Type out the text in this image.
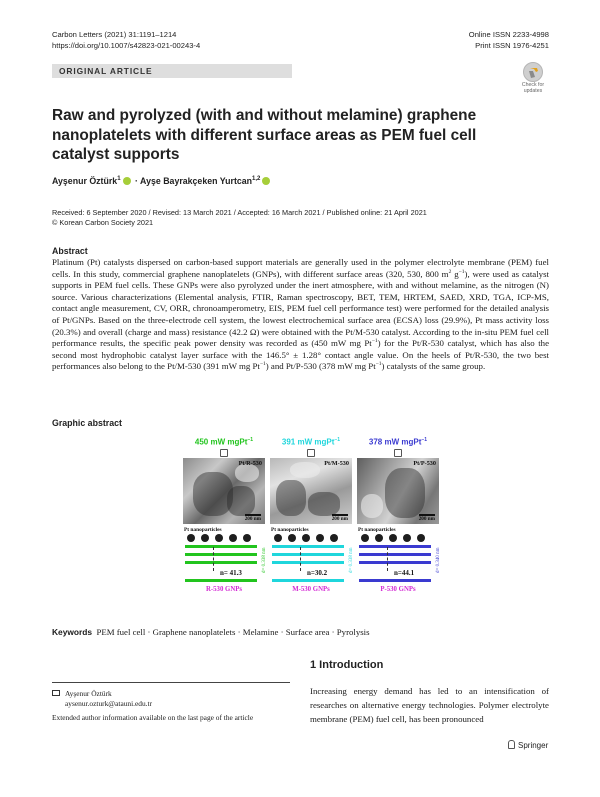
Carbon Letters (2021) 31:1191–1214
https://doi.org/10.1007/s42823-021-00243-4
Online ISSN 2233-4998
Print ISSN 1976-4251
ORIGINAL ARTICLE
Check for updates
Raw and pyrolyzed (with and without melamine) graphene nanoplatelets with different surface areas as PEM fuel cell catalyst supports
Ayşenur Öztürk$^1$ · Ayşe Bayrakçeken Yurtcan$^{1,2}$
Received: 6 September 2020 / Revised: 13 March 2021 / Accepted: 16 March 2021 / Published online: 21 April 2021
© Korean Carbon Society 2021
Abstract

Platinum (Pt) catalysts dispersed on carbon-based support materials are generally used in the polymer electrolyte membrane (PEM) fuel cells. In this study, commercial graphene nanoplatelets (GNPs), with different surface areas (320, 530, 800 $m^2$ $g^{-1}$), were used as catalyst supports in PEM fuel cells. These GNPs were also pyrolyzed under the inert atmosphere, with and without melamine, as the nitrogen (N) source. Various characterizations (Elemental analysis, FTIR, Raman spectroscopy, BET, TEM, HRTEM, SAED, XRD, TGA, ICP-MS, contact angle measurement, CV, ORR, chronoamperometry, EIS, PEM fuel cell performance test) were performed for the detailed analysis of Pt/GNPs. Based on the three-electrode cell system, the lowest electrochemical surface area (ECSA) loss (29.9%), Pt mass activity loss (20.3%) and overall (charge and mass) resistance (42.2 Ω) were obtained with the Pt/M-530 catalyst. According to the in-situ PEM fuel cell performance results, the specific peak power density was recorded as (450 mW mg $Pt^{-1}$) for the Pt/R-530 catalyst, which has also the second most hydrophobic catalyst layer surface with the 146.5° ± 1.28° contact angle value. On the heels of Pt/R-530, the two best performances also belong to the Pt/M-530 (391 mW mg $Pt^{-1}$) and Pt/P-530 (378 mW mg $Pt^{-1}$) catalysts of the same group.

Graphic abstract
450 mW mgPt$^{-1}$
Pt/R-530
200 nm
Pt nanoparticles
n= 41.3	d= 0.338 nm
R-530 GNPs
391 mW mgPt$^{-1}$
Pt/M-530
200 nm
Pt nanoparticles
n=30.2	d= 0.338 nm
M-530 GNPs
378 mW mgPt$^{-1}$
Pt/P-530
200 nm
Pt nanoparticles
n=44.1	d= 0.340 nm
P-530 GNPs
Keywords PEM fuel cell · Graphene nanoplatelets · Melamine · Surface area · Pyrolysis
1 Introduction

Increasing energy demand has led to an intensification of researches on alternative energy technologies. Polymer electrolyte membrane (PEM) fuel cell, has been pronounced

Ayşenur Öztürk
aysenur.ozturk@atauni.edu.tr
Extended author information available on the last page of the article
Springer
